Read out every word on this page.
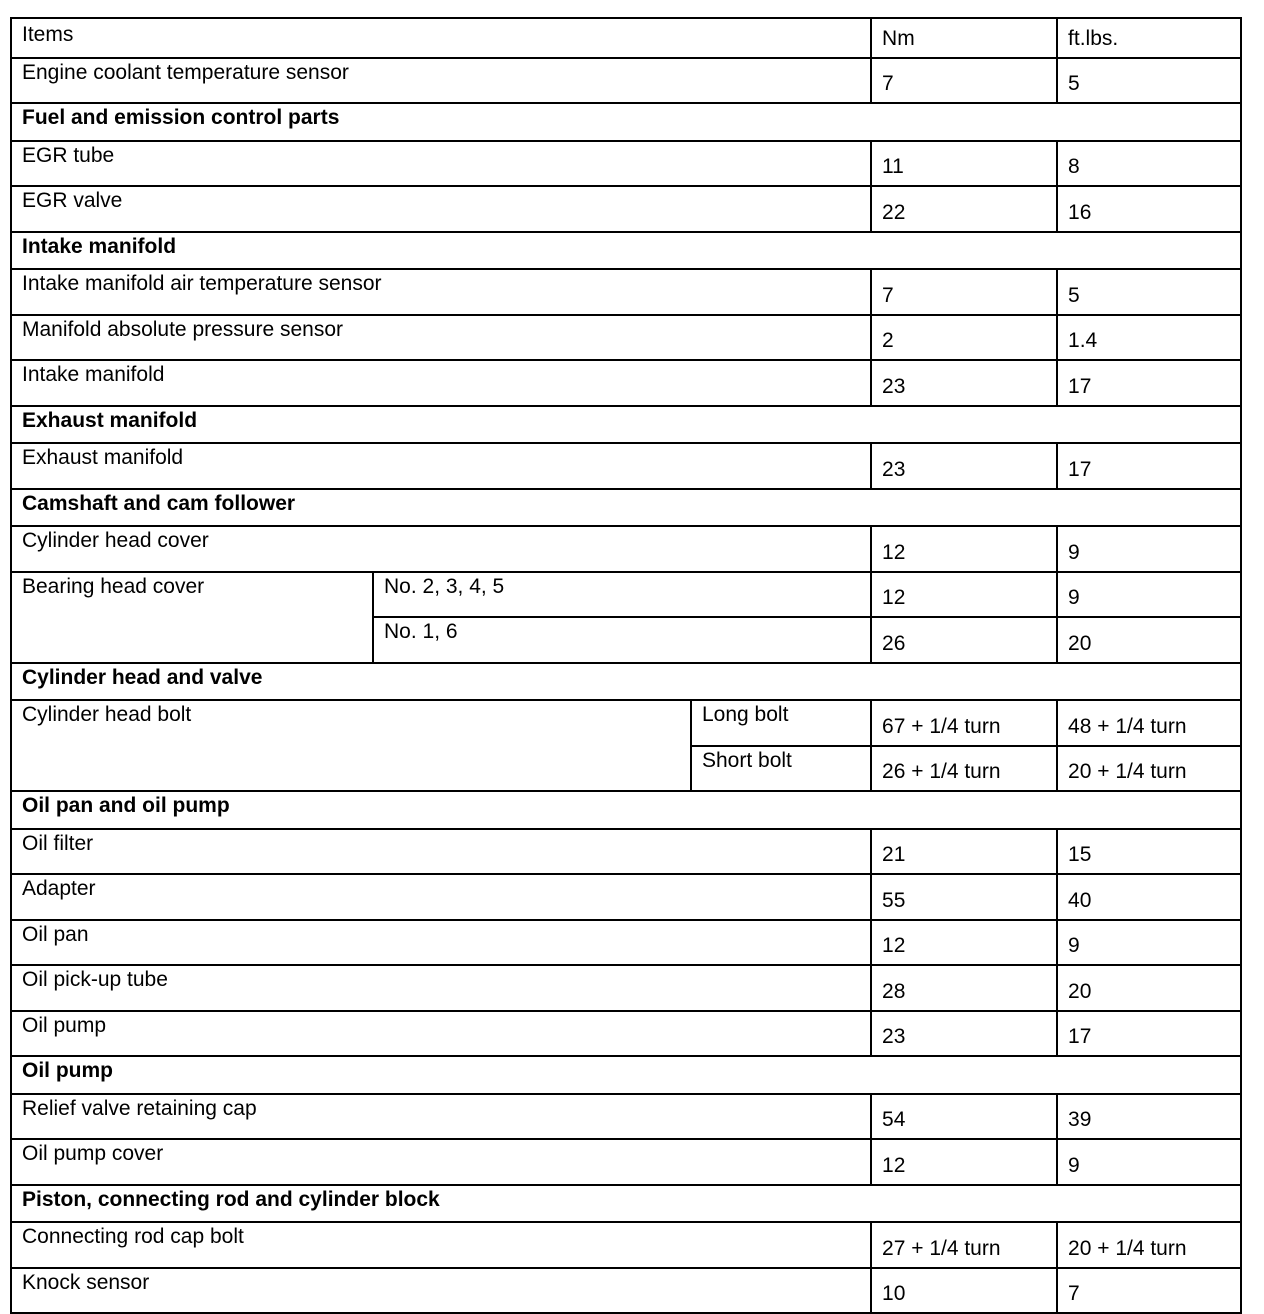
Items			Nm	ft.lbs.
Engine coolant temperature sensor			7	5
Fuel and emission control parts				
EGR tube			11	8
EGR valve			22	16
Intake manifold				
Intake manifold air temperature sensor			7	5
Manifold absolute pressure sensor			2	1.4
Intake manifold			23	17
Exhaust manifold				
Exhaust manifold			23	17
Camshaft and cam follower				
Cylinder head cover			12	9
Bearing head cover	No. 2, 3, 4, 5		12	9
	No. 1, 6		26	20
Cylinder head and valve				
Cylinder head bolt		Long bolt	67 + 1/4 turn	48 + 1/4 turn
		Short bolt	26 + 1/4 turn	20 + 1/4 turn
Oil pan and oil pump				
Oil filter			21	15
Adapter			55	40
Oil pan			12	9
Oil pick-up tube			28	20
Oil pump			23	17
Oil pump				
Relief valve retaining cap			54	39
Oil pump cover			12	9
Piston, connecting rod and cylinder block				
Connecting rod cap bolt			27 + 1/4 turn	20 + 1/4 turn
Knock sensor			10	7
